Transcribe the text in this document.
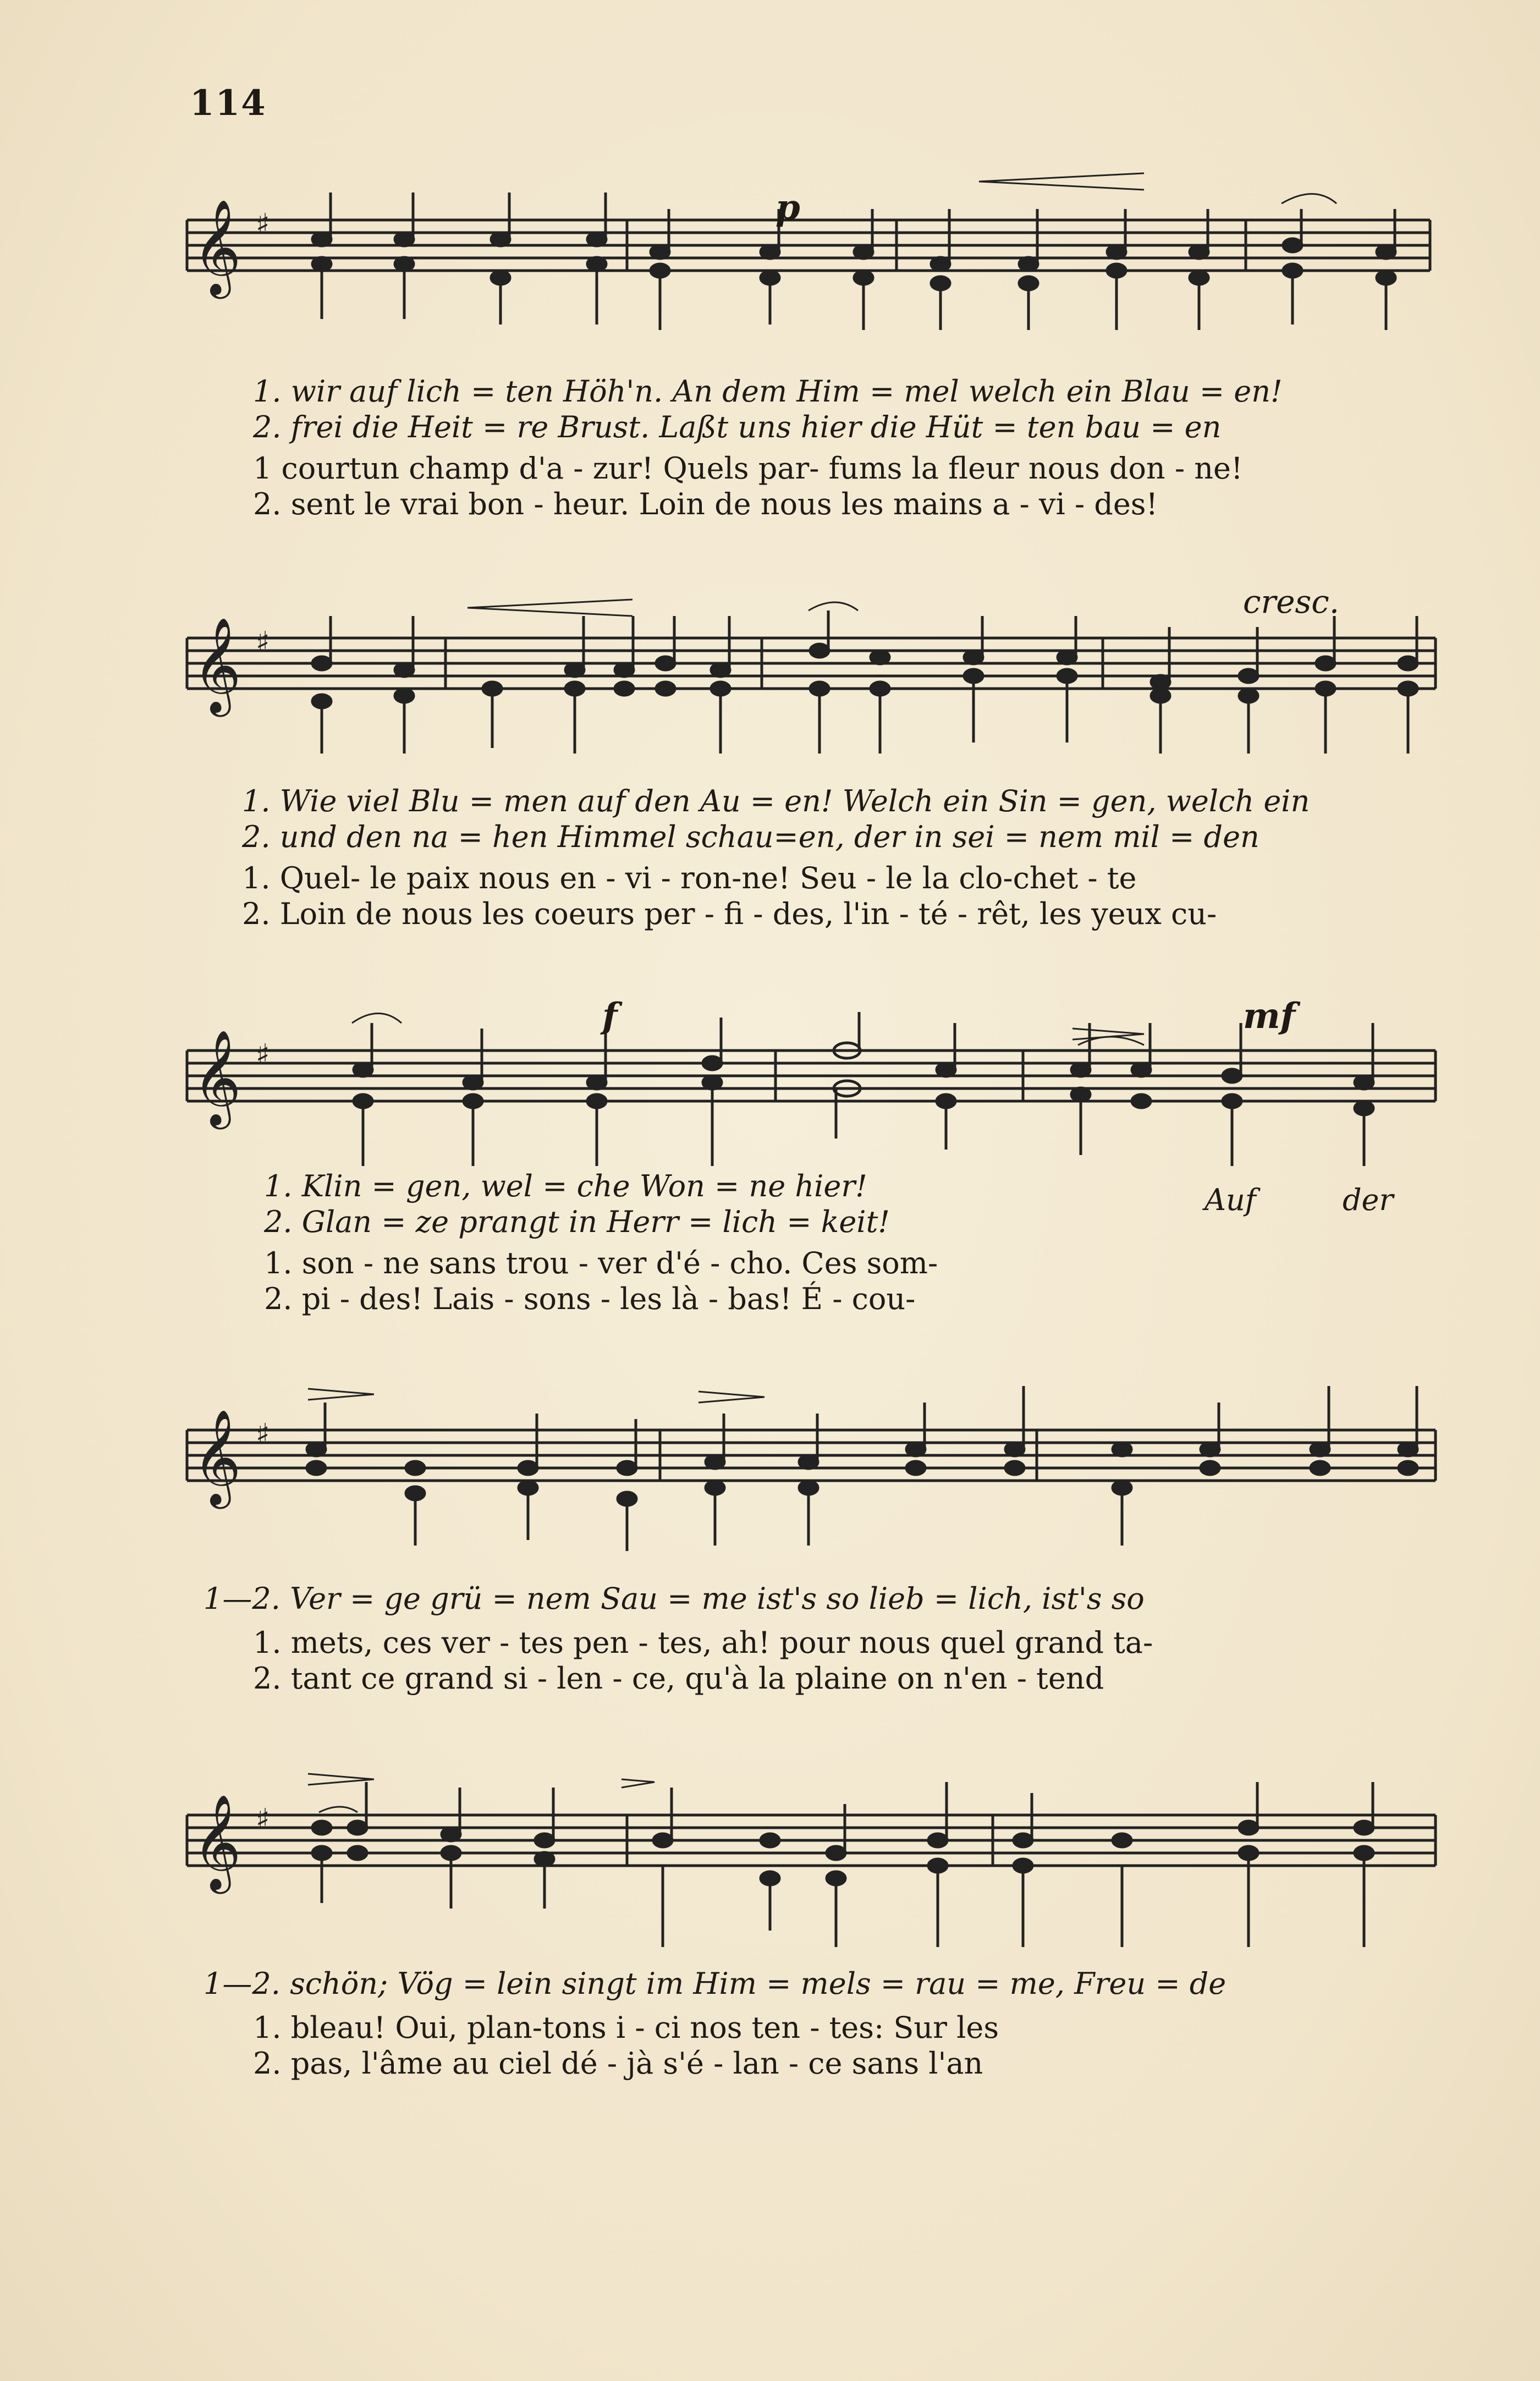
114
𝄞 ♯	p
1. wir auf lich = ten Höh'n. An dem Him = mel welch ein Blau = en!
2. frei die Heit = re Brust. Laßt uns hier die Hüt = ten bau = en
1 courtun champ d'a - zur! Quels par- fums la fleur nous don - ne!
2. sent le vrai bon - heur. Loin de nous les mains a - vi - des!
𝄞 ♯
cresc.
1. Wie viel Blu = men auf den Au = en! Welch ein Sin = gen, welch ein
2. und den na = hen Himmel schau=en, der in sei = nem mil = den
1. Quel- le paix nous en - vi - ron-ne! Seu - le la clo-chet - te
2. Loin de nous les coeurs per - fi - des, l'in - té - rêt, les yeux cu-
𝄞 ♯
f	mf
1. Klin = gen, wel = che Won = ne hier!
2. Glan = ze prangt in Herr = lich = keit!
Auf	der
1. son - ne sans trou - ver d'é - cho. Ces som-
2. pi - des! Lais - sons - les là - bas! É - cou-
𝄞 ♯
1—2. Ver = ge grü = nem Sau = me ist's so lieb = lich, ist's so
1. mets, ces ver - tes pen - tes, ah! pour nous quel grand ta-
2. tant ce grand si - len - ce, qu'à la plaine on n'en - tend
𝄞 ♯
1—2. schön; Vög = lein singt im Him = mels = rau = me, Freu = de
1. bleau! Oui, plan-tons i - ci nos ten - tes: Sur les
2. pas, l'âme au ciel dé - jà s'é - lan - ce sans l'an
